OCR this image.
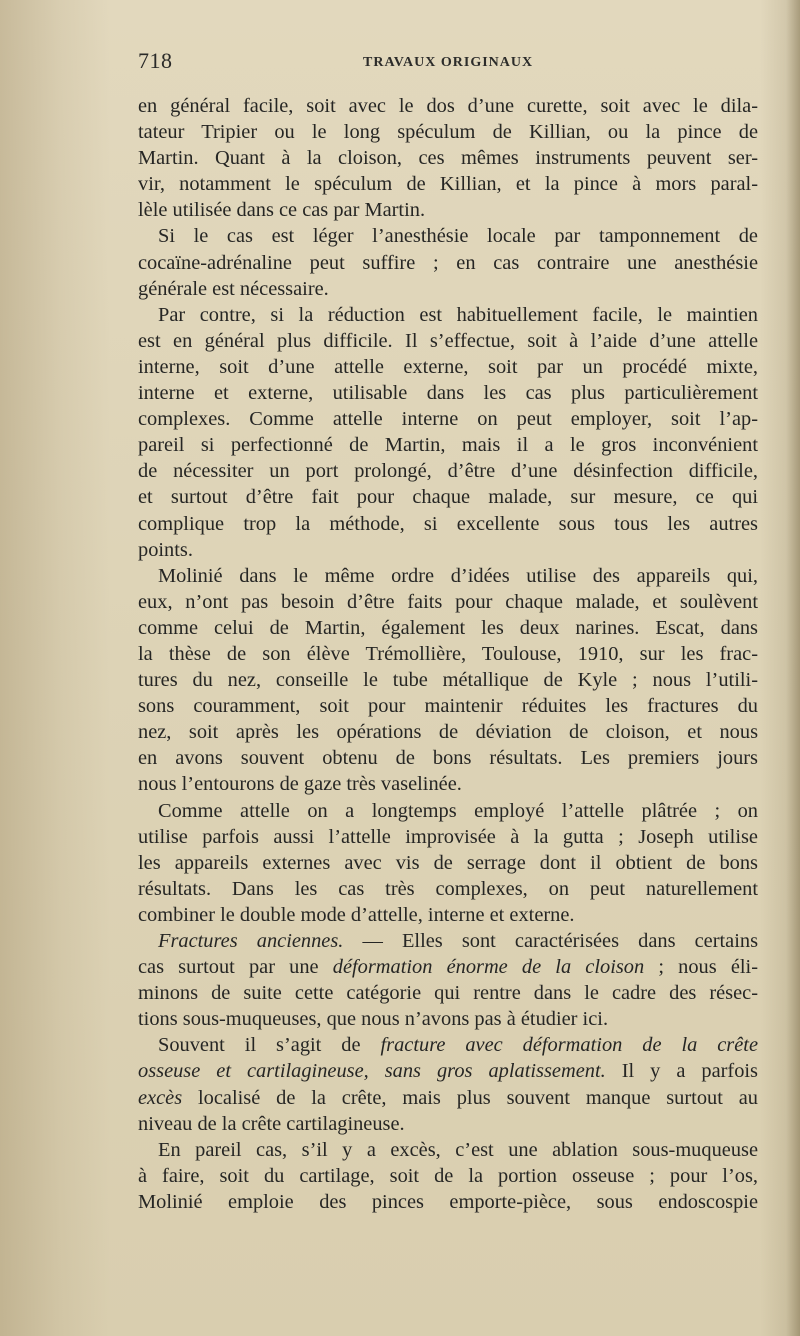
718	TRAVAUX ORIGINAUX
en général facile, soit avec le dos d’une curette, soit avec le dila-
tateur Tripier ou le long spéculum de Killian, ou la pince de
Martin. Quant à la cloison, ces mêmes instruments peuvent ser-
vir, notamment le spéculum de Killian, et la pince à mors paral-
lèle utilisée dans ce cas par Martin.
Si le cas est léger l’anesthésie locale par tamponnement de
cocaïne-adrénaline peut suffire ; en cas contraire une anesthésie
générale est nécessaire.
Par contre, si la réduction est habituellement facile, le maintien
est en général plus difficile. Il s’effectue, soit à l’aide d’une attelle
interne, soit d’une attelle externe, soit par un procédé mixte,
interne et externe, utilisable dans les cas plus particulièrement
complexes. Comme attelle interne on peut employer, soit l’ap-
pareil si perfectionné de Martin, mais il a le gros inconvénient
de nécessiter un port prolongé, d’être d’une désinfection difficile,
et surtout d’être fait pour chaque malade, sur mesure, ce qui
complique trop la méthode, si excellente sous tous les autres
points.
Molinié dans le même ordre d’idées utilise des appareils qui,
eux, n’ont pas besoin d’être faits pour chaque malade, et soulèvent
comme celui de Martin, également les deux narines. Escat, dans
la thèse de son élève Trémollière, Toulouse, 1910, sur les frac-
tures du nez, conseille le tube métallique de Kyle ; nous l’utili-
sons couramment, soit pour maintenir réduites les fractures du
nez, soit après les opérations de déviation de cloison, et nous
en avons souvent obtenu de bons résultats. Les premiers jours
nous l’entourons de gaze très vaselinée.
Comme attelle on a longtemps employé l’attelle plâtrée ; on
utilise parfois aussi l’attelle improvisée à la gutta ; Joseph utilise
les appareils externes avec vis de serrage dont il obtient de bons
résultats. Dans les cas très complexes, on peut naturellement
combiner le double mode d’attelle, interne et externe.
Fractures anciennes. — Elles sont caractérisées dans certains
cas surtout par une déformation énorme de la cloison ; nous éli-
minons de suite cette catégorie qui rentre dans le cadre des résec-
tions sous-muqueuses, que nous n’avons pas à étudier ici.
Souvent il s’agit de fracture avec déformation de la crête
osseuse et cartilagineuse, sans gros aplatissement. Il y a parfois
excès localisé de la crête, mais plus souvent manque surtout au
niveau de la crête cartilagineuse.
En pareil cas, s’il y a excès, c’est une ablation sous-muqueuse
à faire, soit du cartilage, soit de la portion osseuse ; pour l’os,
Molinié emploie des pinces emporte-pièce, sous endoscospie
